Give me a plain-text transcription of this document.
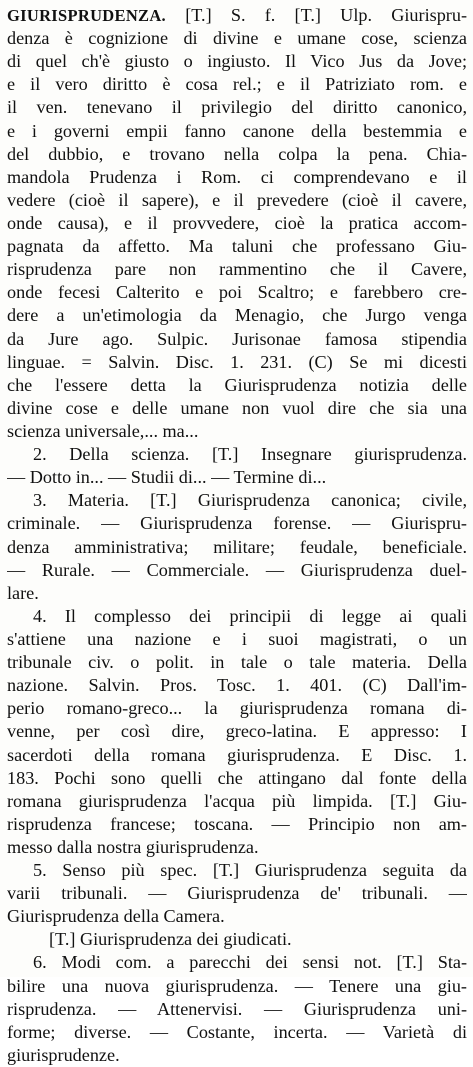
GIURISPRUDENZA. [T.] S. f. [T.] Ulp. Giurispru-
denza è cognizione di divine e umane cose, scienza
di quel ch'è giusto o ingiusto. Il Vico Jus da Jove;
e il vero diritto è cosa rel.; e il Patriziato rom. e
il ven. tenevano il privilegio del diritto canonico,
e i governi empii fanno canone della bestemmia e
del dubbio, e trovano nella colpa la pena. Chia-
mandola Prudenza i Rom. ci comprendevano e il
vedere (cioè il sapere), e il prevedere (cioè il cavere,
onde causa), e il provvedere, cioè la pratica accom-
pagnata da affetto. Ma taluni che professano Giu-
risprudenza pare non rammentino che il Cavere,
onde fecesi Calterito e poi Scaltro; e farebbero cre-
dere a un'etimologia da Menagio, che Jurgo venga
da Jure ago. Sulpic. Jurisonae famosa stipendia
linguae. = Salvin. Disc. 1. 231. (C) Se mi dicesti
che l'essere detta la Giurisprudenza notizia delle
divine cose e delle umane non vuol dire che sia una
scienza universale,... ma...
2. Della scienza. [T.] Insegnare giurisprudenza.
— Dotto in... — Studii di... — Termine di...
3. Materia. [T.] Giurisprudenza canonica; civile,
criminale. — Giurisprudenza forense. — Giurispru-
denza amministrativa; militare; feudale, beneficiale.
— Rurale. — Commerciale. — Giurisprudenza duel-
lare.
4. Il complesso dei principii di legge ai quali
s'attiene una nazione e i suoi magistrati, o un
tribunale civ. o polit. in tale o tale materia. Della
nazione. Salvin. Pros. Tosc. 1. 401. (C) Dall'im-
perio romano-greco... la giurisprudenza romana di-
venne, per così dire, greco-latina. E appresso: I
sacerdoti della romana giurisprudenza. E Disc. 1.
183. Pochi sono quelli che attingano dal fonte della
romana giurisprudenza l'acqua più limpida. [T.] Giu-
risprudenza francese; toscana. — Principio non am-
messo dalla nostra giurisprudenza.
5. Senso più spec. [T.] Giurisprudenza seguita da
varii tribunali. — Giurisprudenza de' tribunali. —
Giurisprudenza della Camera.
[T.] Giurisprudenza dei giudicati.
6. Modi com. a parecchi dei sensi not. [T.] Sta-
bilire una nuova giurisprudenza. — Tenere una giu-
risprudenza. — Attenervisi. — Giurisprudenza uni-
forme; diverse. — Costante, incerta. — Varietà di
giurisprudenze.
